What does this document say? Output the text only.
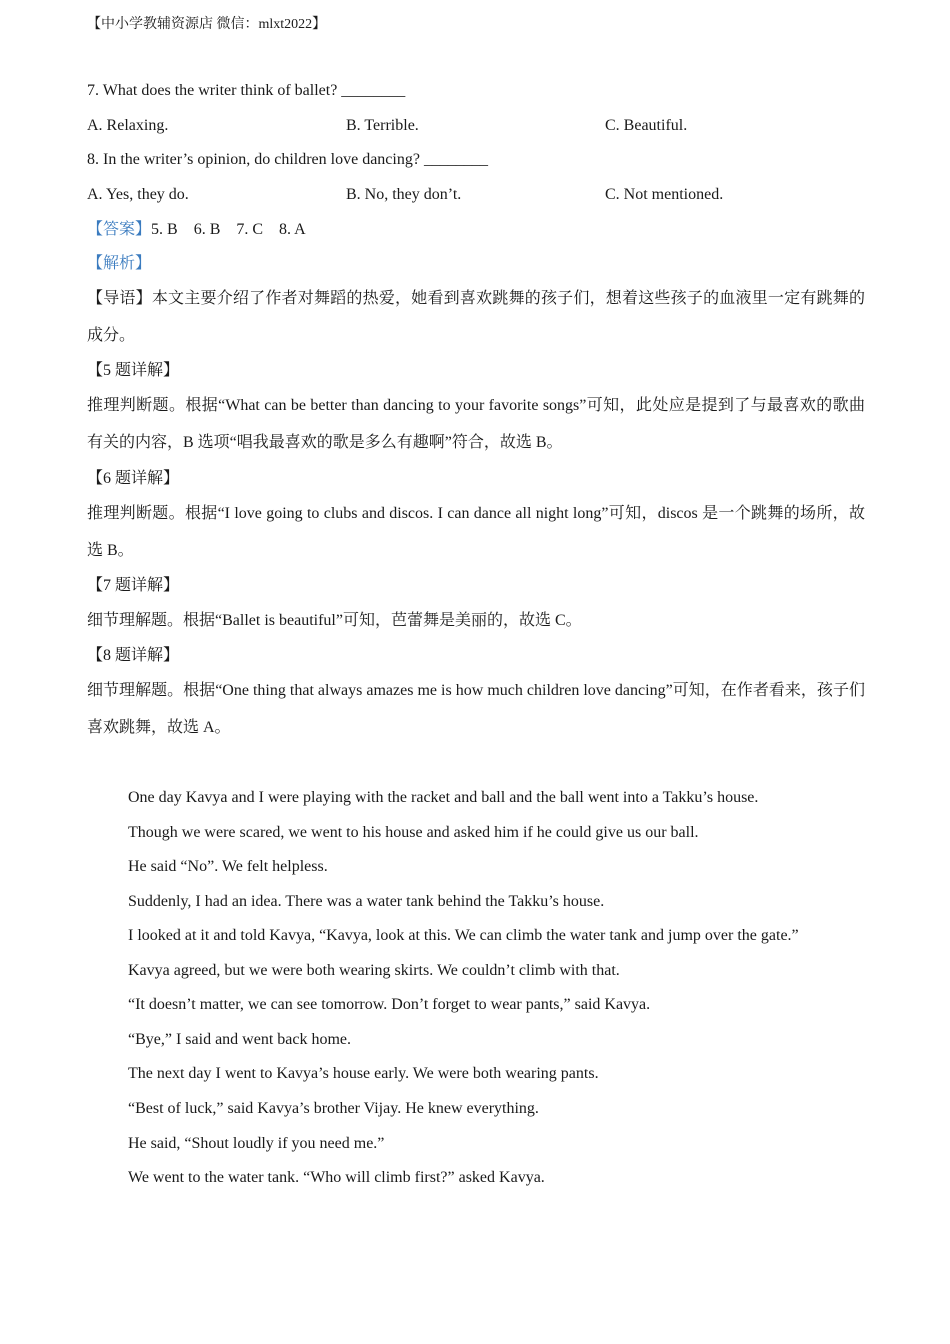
【中小学教辅资源店 微信：mlxt2022】
7. What does the writer think of ballet? ________
A. Relaxing.	B. Terrible.	C. Beautiful.
8. In the writer’s opinion, do children love dancing? ________
A. Yes, they do.	B. No, they don’t.	C. Not mentioned.
【答案】5. B    6. B    7. C    8. A
【解析】
【导语】本文主要介绍了作者对舞蹈的热爱，她看到喜欢跳舞的孩子们，想着这些孩子的血液里一定有跳舞的成分。
【5 题详解】
推理判断题。根据“What can be better than dancing to your favorite songs”可知，此处应是提到了与最喜欢的歌曲有关的内容，B 选项“唱我最喜欢的歌是多么有趣啊”符合，故选 B。
【6 题详解】
推理判断题。根据“I love going to clubs and discos. I can dance all night long”可知，discos 是一个跳舞的场所，故选 B。
【7 题详解】
细节理解题。根据“Ballet is beautiful”可知，芭蕾舞是美丽的，故选 C。
【8 题详解】
细节理解题。根据“One thing that always amazes me is how much children love dancing”可知，在作者看来，孩子们喜欢跳舞，故选 A。
One day Kavya and I were playing with the racket and ball and the ball went into a Takku’s house.
Though we were scared, we went to his house and asked him if he could give us our ball.
He said “No”. We felt helpless.
Suddenly, I had an idea. There was a water tank behind the Takku’s house.
I looked at it and told Kavya, “Kavya, look at this. We can climb the water tank and jump over the gate.”
Kavya agreed, but we were both wearing skirts. We couldn’t climb with that.
“It doesn’t matter, we can see tomorrow. Don’t forget to wear pants,” said Kavya.
“Bye,” I said and went back home.
The next day I went to Kavya’s house early. We were both wearing pants.
“Best of luck,” said Kavya’s brother Vijay. He knew everything.
He said, “Shout loudly if you need me.”
We went to the water tank. “Who will climb first?” asked Kavya.
